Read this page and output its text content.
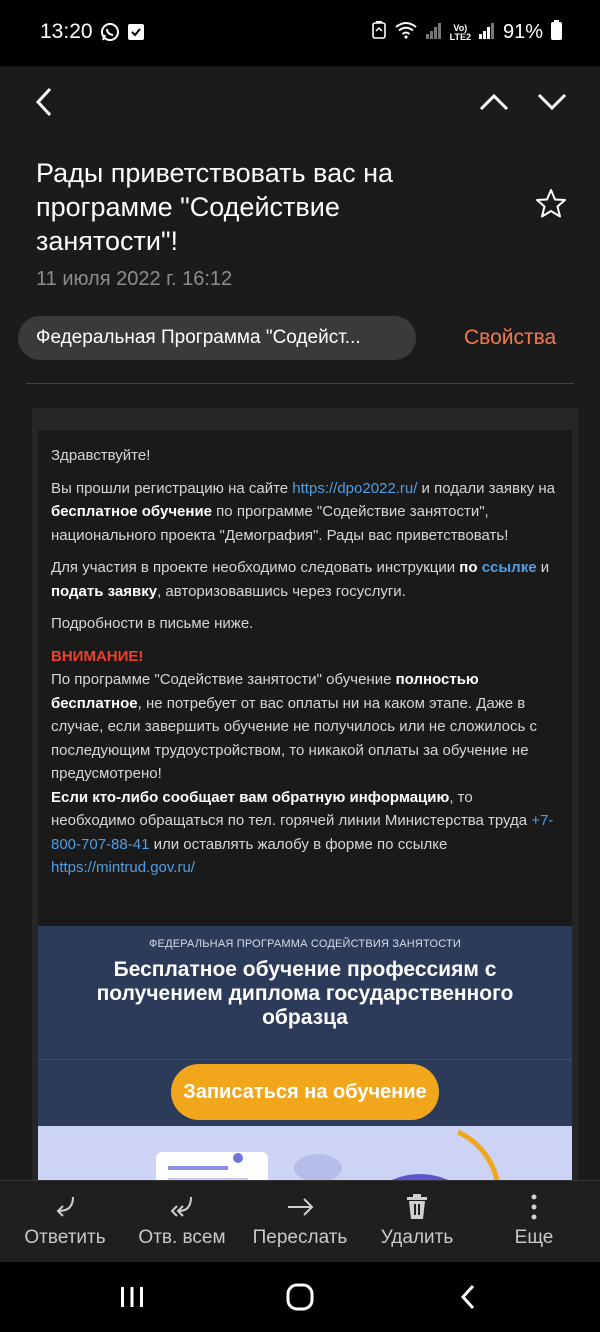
13:20	Vo)
LTE2 91%
Рады приветствовать вас на программе "Содействие занятости"!
11 июля 2022 г. 16:12
Федеральная Программа "Содейст...	Свойства

Здравствуйте!

Вы прошли регистрацию на сайте https://dpo2022.ru/ и подали заявку на бесплатное обучение по программе "Содействие занятости", национального проекта "Демография". Рады вас приветствовать!

Для участия в проекте необходимо следовать инструкции по ссылке и подать заявку, авторизовавшись через госуслуги.

Подробности в письме ниже.

ВНИМАНИЕ!
По программе "Содействие занятости" обучение полностью бесплатное, не потребует от вас оплаты ни на каком этапе. Даже в случае, если завершить обучение не получилось или не сложилось с последующим трудоустройством, то никакой оплаты за обучение не предусмотрено!
Если кто-либо сообщает вам обратную информацию, то необходимо обращаться по тел. горячей линии Министерства труда +7-800-707-88-41 или оставлять жалобу в форме по ссылке https://mintrud.gov.ru/
ФЕДЕРАЛЬНАЯ ПРОГРАММА СОДЕЙСТВИЯ ЗАНЯТОСТИ
Бесплатное обучение профессиям с получением диплома государственного образца
Записаться на обучение
Ответить Отв. всем Переслать Удалить	Еще
